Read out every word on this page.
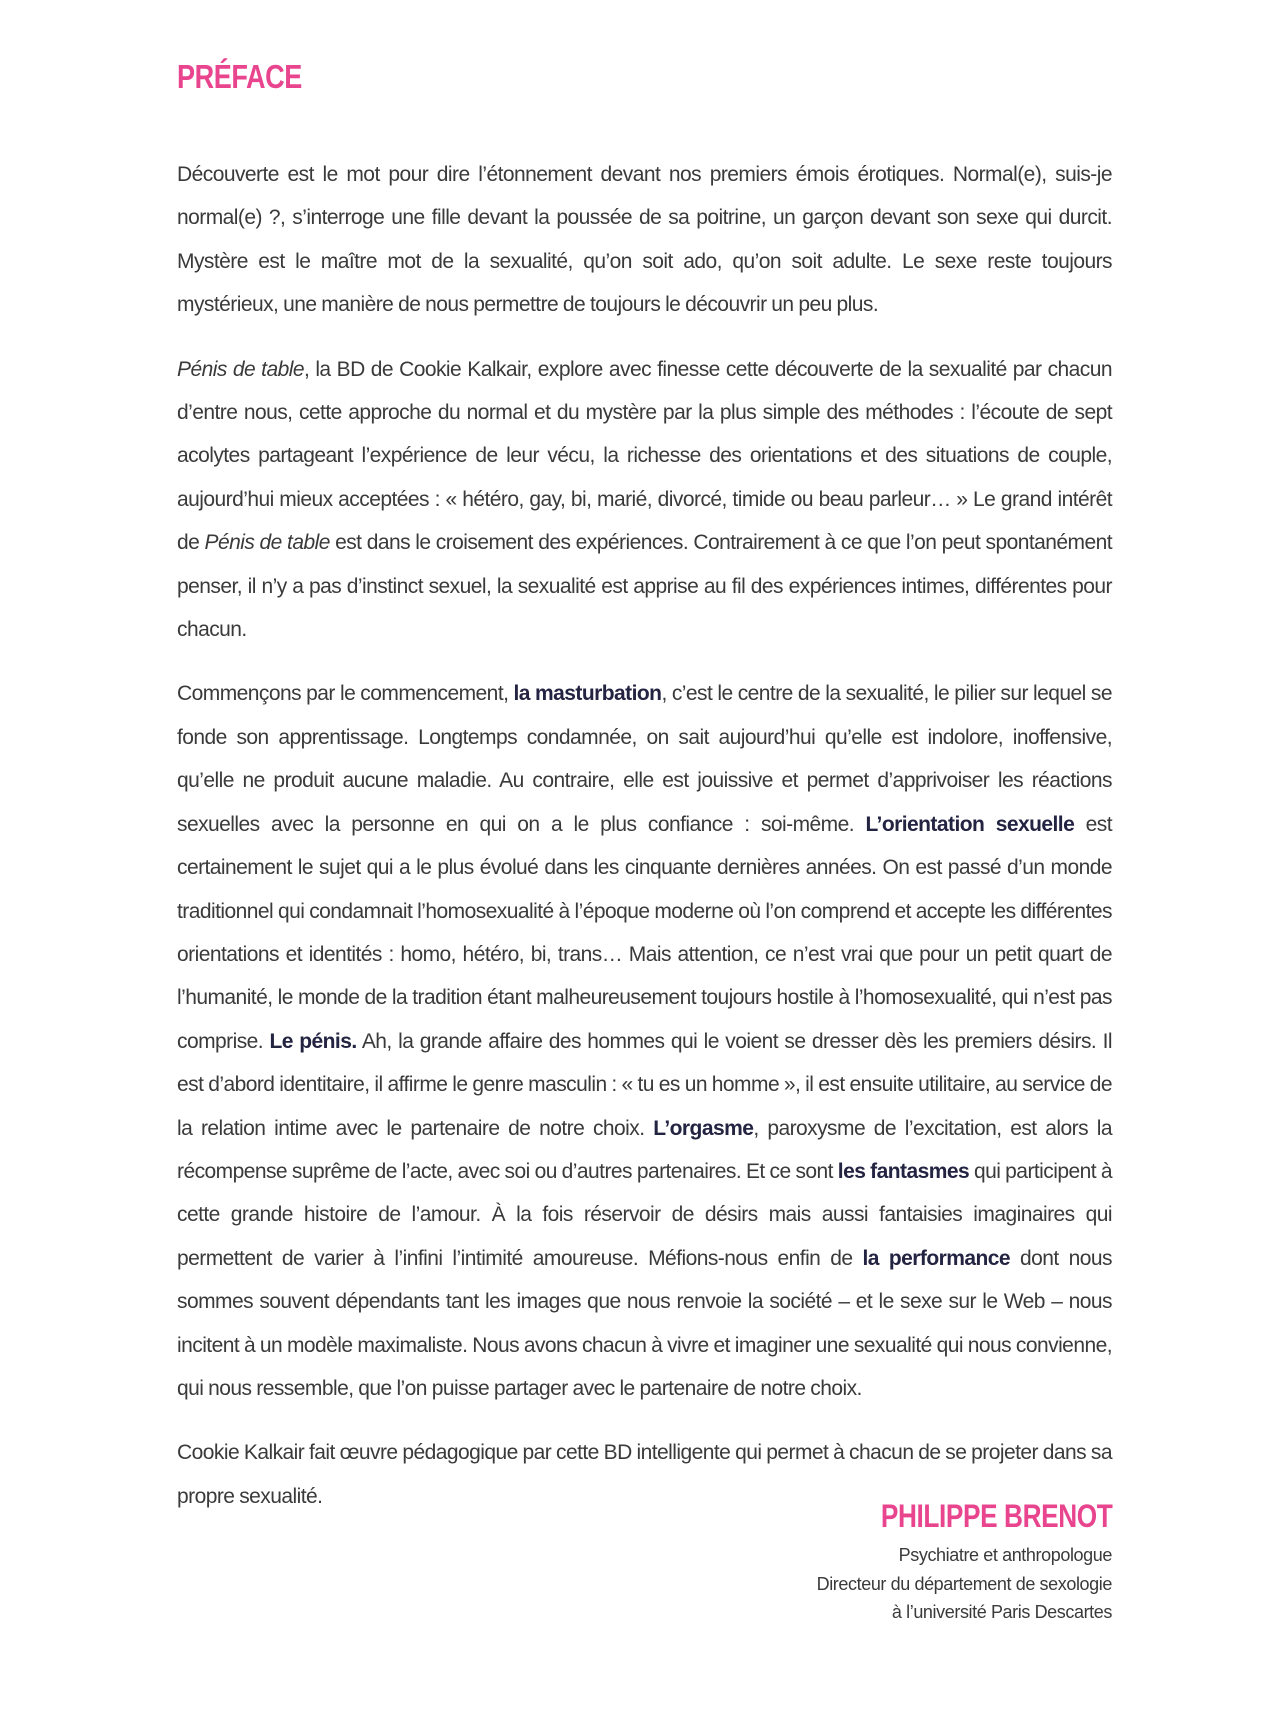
PRÉFACE

Découverte est le mot pour dire l’étonnement devant nos premiers émois érotiques. Normal(e), suis-je normal(e) ?, s’interroge une fille devant la poussée de sa poitrine, un garçon devant son sexe qui durcit. Mystère est le maître mot de la sexualité, qu’on soit ado, qu’on soit adulte. Le sexe reste toujours mystérieux, une manière de nous permettre de toujours le découvrir un peu plus.

Pénis de table, la BD de Cookie Kalkair, explore avec finesse cette découverte de la sexualité par chacun d’entre nous, cette approche du normal et du mystère par la plus simple des méthodes : l’écoute de sept acolytes partageant l’expérience de leur vécu, la richesse des orientations et des situations de couple, aujourd’hui mieux acceptées : « hétéro, gay, bi, marié, divorcé, timide ou beau parleur… » Le grand intérêt de Pénis de table est dans le croisement des expériences. Contrairement à ce que l’on peut spontanément penser, il n’y a pas d’instinct sexuel, la sexualité est apprise au fil des expériences intimes, différentes pour chacun.

Commençons par le commencement, la masturbation, c’est le centre de la sexualité, le pilier sur lequel se fonde son apprentissage. Longtemps condamnée, on sait aujourd’hui qu’elle est indolore, inoffensive, qu’elle ne produit aucune maladie. Au contraire, elle est jouissive et permet d’apprivoiser les réactions sexuelles avec la personne en qui on a le plus confiance : soi-même. L’orientation sexuelle est certainement le sujet qui a le plus évolué dans les cinquante dernières années. On est passé d’un monde traditionnel qui condamnait l’homosexualité à l’époque moderne où l’on comprend et accepte les différentes orientations et identités : homo, hétéro, bi, trans… Mais attention, ce n’est vrai que pour un petit quart de l’humanité, le monde de la tradition étant malheureusement toujours hostile à l’homosexualité, qui n’est pas comprise. Le pénis. Ah, la grande affaire des hommes qui le voient se dresser dès les premiers désirs. Il est d’abord identitaire, il affirme le genre masculin : « tu es un homme », il est ensuite utilitaire, au service de la relation intime avec le partenaire de notre choix. L’orgasme, paroxysme de l’excitation, est alors la récompense suprême de l’acte, avec soi ou d’autres partenaires. Et ce sont les fantasmes qui participent à cette grande histoire de l’amour. À la fois réservoir de désirs mais aussi fantaisies imaginaires qui permettent de varier à l’infini l’intimité amoureuse. Méfions-nous enfin de la performance dont nous sommes souvent dépendants tant les images que nous renvoie la société – et le sexe sur le Web – nous incitent à un modèle maximaliste. Nous avons chacun à vivre et imaginer une sexualité qui nous convienne, qui nous ressemble, que l’on puisse partager avec le partenaire de notre choix.

Cookie Kalkair fait œuvre pédagogique par cette BD intelligente qui permet à chacun de se projeter dans sa propre sexualité.

PHILIPPE BRENOT
Psychiatre et anthropologue
Directeur du département de sexologie
à l’université Paris Descartes
